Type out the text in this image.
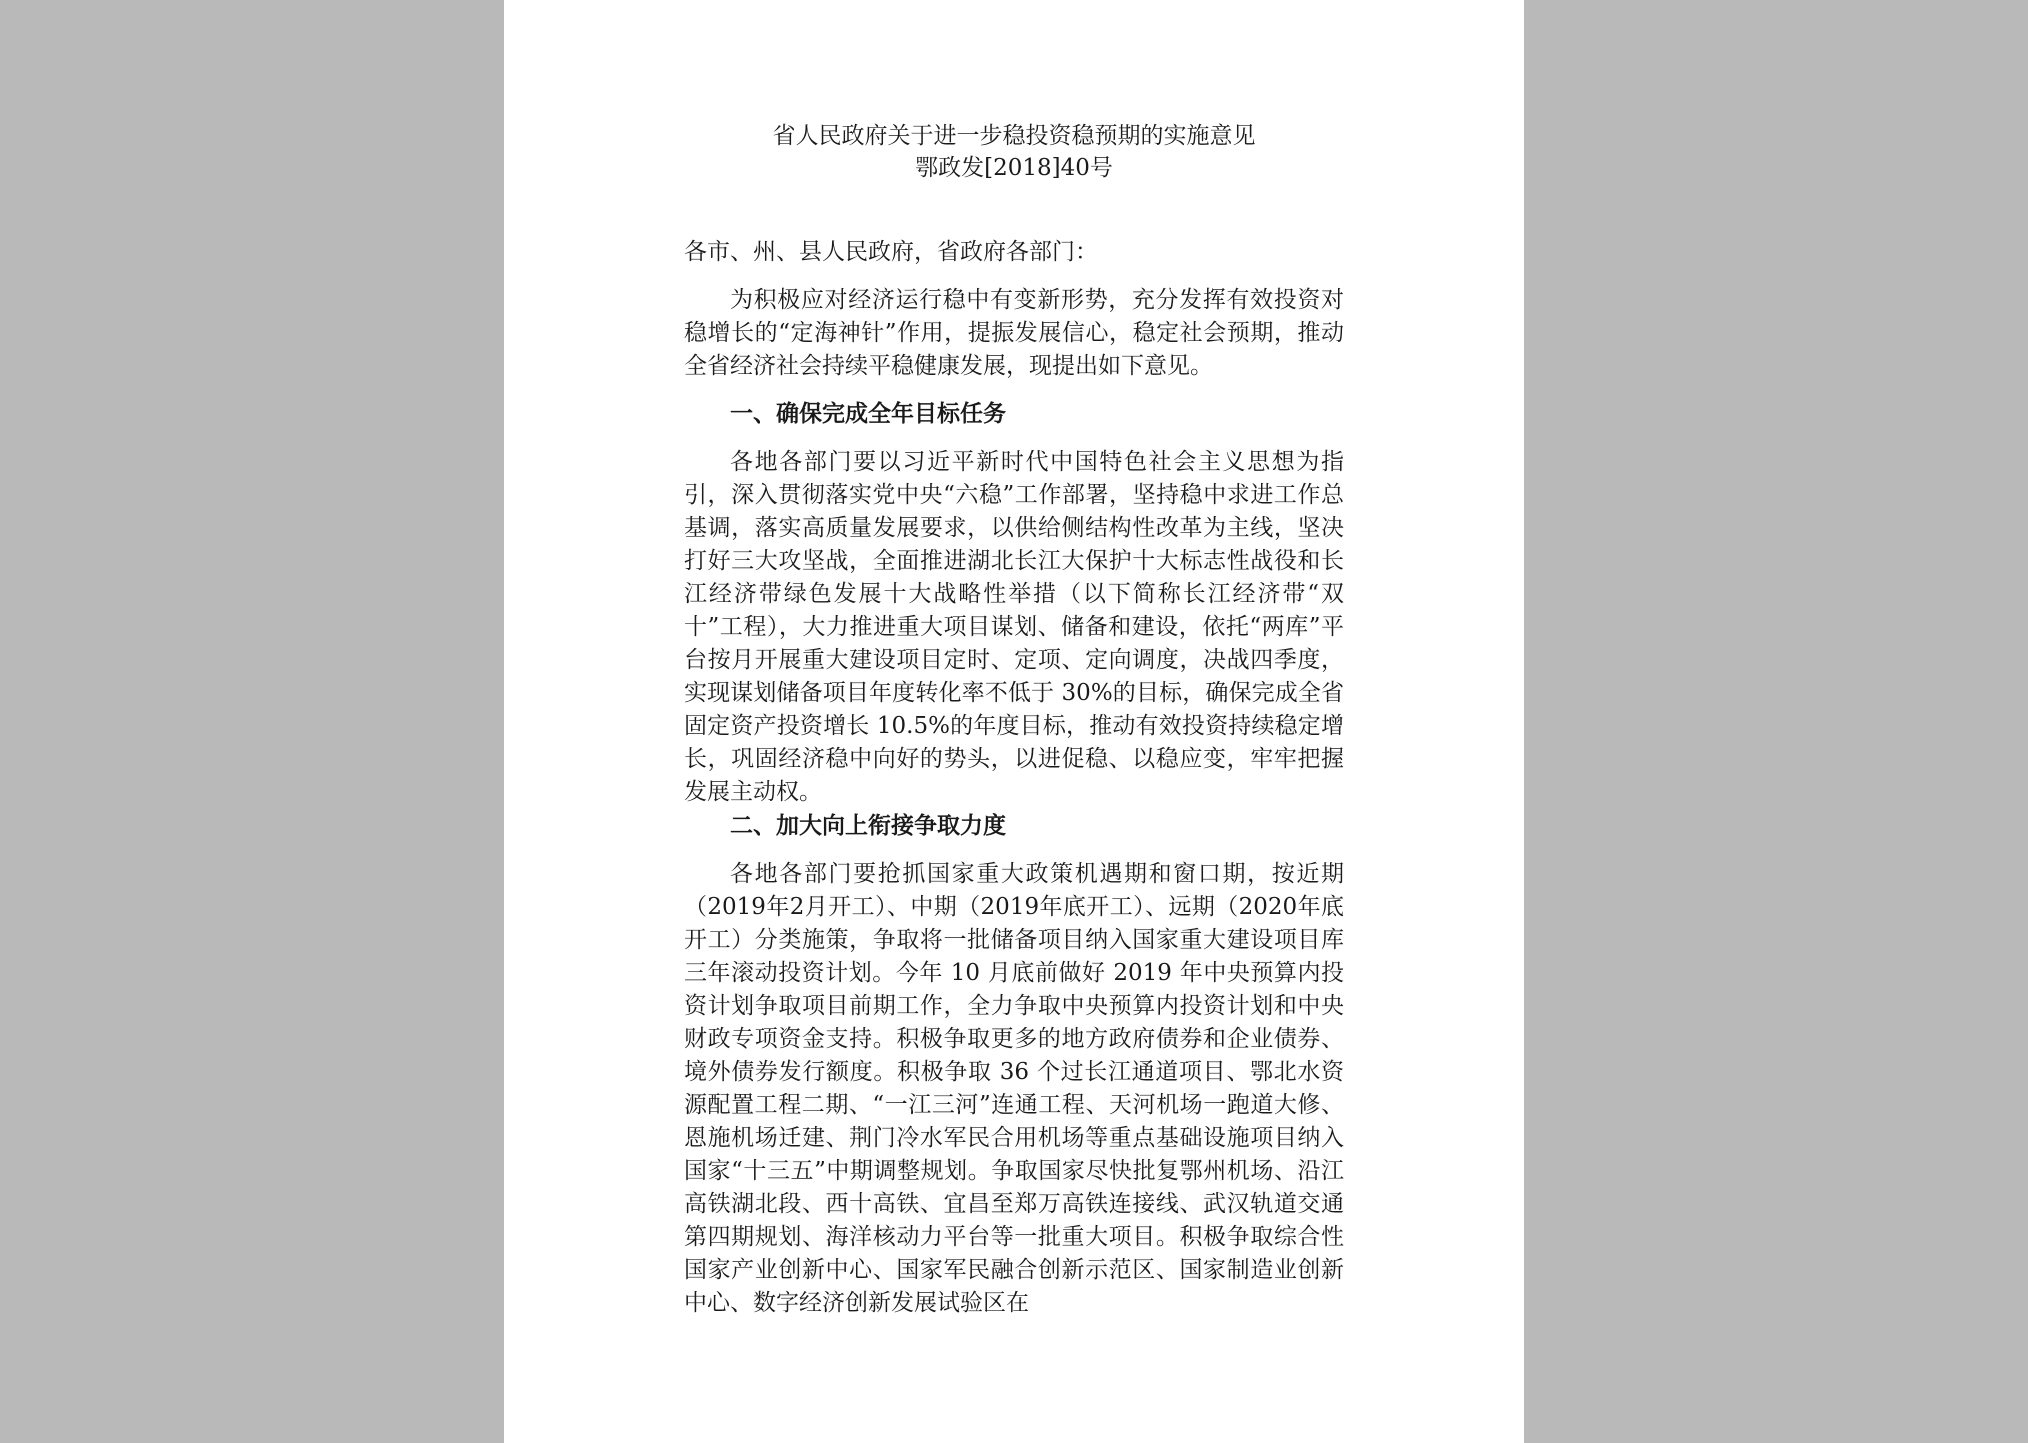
省人民政府关于进一步稳投资稳预期的实施意见
鄂政发[2018]40号
各市、州、县人民政府，省政府各部门：
为积极应对经济运行稳中有变新形势，充分发挥有效投资对稳增长的“定海神针”作用，提振发展信心，稳定社会预期，推动全省经济社会持续平稳健康发展，现提出如下意见。
一、确保完成全年目标任务
各地各部门要以习近平新时代中国特色社会主义思想为指引，深入贯彻落实党中央“六稳”工作部署，坚持稳中求进工作总基调，落实高质量发展要求，以供给侧结构性改革为主线，坚决打好三大攻坚战，全面推进湖北长江大保护十大标志性战役和长江经济带绿色发展十大战略性举措（以下简称长江经济带“双十”工程），大力推进重大项目谋划、储备和建设，依托“两库”平台按月开展重大建设项目定时、定项、定向调度，决战四季度，实现谋划储备项目年度转化率不低于 30%的目标，确保完成全省固定资产投资增长 10.5%的年度目标，推动有效投资持续稳定增长，巩固经济稳中向好的势头，以进促稳、以稳应变，牢牢把握发展主动权。
二、加大向上衔接争取力度
各地各部门要抢抓国家重大政策机遇期和窗口期，按近期（2019年2月开工）、中期（2019年底开工）、远期（2020年底开工）分类施策，争取将一批储备项目纳入国家重大建设项目库三年滚动投资计划。今年 10 月底前做好 2019 年中央预算内投资计划争取项目前期工作，全力争取中央预算内投资计划和中央财政专项资金支持。积极争取更多的地方政府债券和企业债券、境外债券发行额度。积极争取 36 个过长江通道项目、鄂北水资源配置工程二期、“一江三河”连通工程、天河机场一跑道大修、恩施机场迁建、荆门冷水军民合用机场等重点基础设施项目纳入国家“十三五”中期调整规划。争取国家尽快批复鄂州机场、沿江高铁湖北段、西十高铁、宜昌至郑万高铁连接线、武汉轨道交通第四期规划、海洋核动力平台等一批重大项目。积极争取综合性国家产业创新中心、国家军民融合创新示范区、国家制造业创新中心、数字经济创新发展试验区在
